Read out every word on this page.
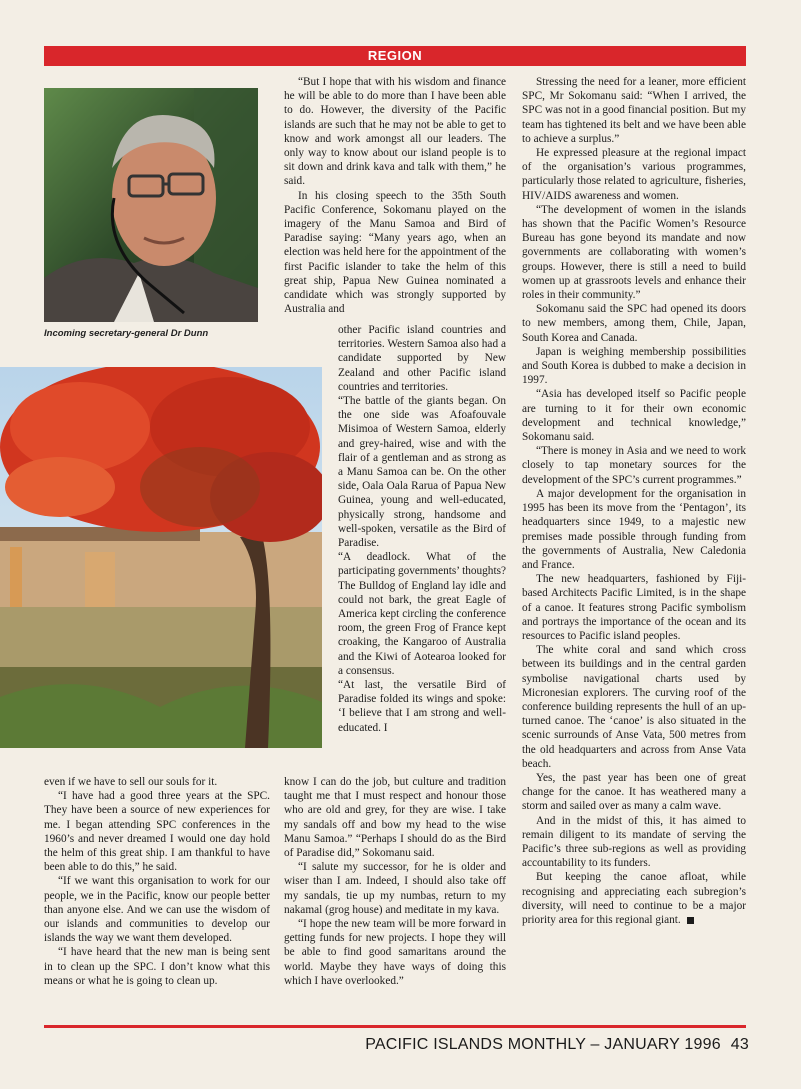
REGION
Incoming secretary-general Dr Dunn

even if we have to sell our souls for it.

“I have had a good three years at the SPC. They have been a source of new experiences for me. I began attending SPC conferences in the 1960’s and never dreamed I would one day hold the helm of this great ship. I am thankful to have been able to do this,” he said.

“If we want this organisation to work for our people, we in the Pacific, know our people better than anyone else. And we can use the wisdom of our islands and communities to develop our islands the way we want them developed.

“I have heard that the new man is being sent in to clean up the SPC. I don’t know what this means or what he is going to clean up.

“But I hope that with his wisdom and finance he will be able to do more than I have been able to do. However, the diversity of the Pacific islands are such that he may not be able to get to know and work amongst all our leaders. The only way to know about our island people is to sit down and drink kava and talk with them,” he said.

In his closing speech to the 35th South Pacific Conference, Sokomanu played on the imagery of the Manu Samoa and Bird of Paradise saying: “Many years ago, when an election was held here for the appointment of the first Pacific islander to take the helm of this great ship, Papua New Guinea nominated a candidate which was strongly supported by Australia and

other Pacific island countries and territories. Western Samoa also had a candidate supported by New Zealand and other Pacific island countries and territories.

“The battle of the giants began. On the one side was Afoafouvale Misimoa of Western Samoa, elderly and grey-haired, wise and with the flair of a gentleman and as strong as a Manu Samoa can be. On the other side, Oala Oala Rarua of Papua New Guinea, young and well-educated, physically strong, handsome and well-spoken, versatile as the Bird of Paradise.

“A deadlock. What of the participating governments’ thoughts? The Bulldog of England lay idle and could not bark, the great Eagle of America kept circling the conference room, the green Frog of France kept croaking, the Kangaroo of Australia and the Kiwi of Aotearoa looked for a consensus.

“At last, the versatile Bird of Paradise folded its wings and spoke: ‘I believe that I am strong and well-educated. I

know I can do the job, but culture and tradition taught me that I must respect and honour those who are old and grey, for they are wise. I take my sandals off and bow my head to the wise Manu Samoa.” “Perhaps I should do as the Bird of Paradise did,” Sokomanu said.

“I salute my successor, for he is older and wiser than I am. Indeed, I should also take off my sandals, tie up my numbas, return to my nakamal (grog house) and meditate in my kava.

“I hope the new team will be more forward in getting funds for new projects. I hope they will be able to find good samaritans around the world. Maybe they have ways of doing this which I have overlooked.”

Stressing the need for a leaner, more efficient SPC, Mr Sokomanu said: “When I arrived, the SPC was not in a good financial position. But my team has tightened its belt and we have been able to achieve a surplus.”

He expressed pleasure at the regional impact of the organisation’s various programmes, particularly those related to agriculture, fisheries, HIV/AIDS awareness and women.

“The development of women in the islands has shown that the Pacific Women’s Resource Bureau has gone beyond its mandate and now governments are collaborating with women’s groups. However, there is still a need to build women up at grassroots levels and enhance their roles in their community.”

Sokomanu said the SPC had opened its doors to new members, among them, Chile, Japan, South Korea and Canada.

Japan is weighing membership possibilities and South Korea is dubbed to make a decision in 1997.

“Asia has developed itself so Pacific people are turning to it for their own economic development and technical knowledge,” Sokomanu said.

“There is money in Asia and we need to work closely to tap monetary sources for the development of the SPC’s current programmes.”

A major development for the organisation in 1995 has been its move from the ‘Pentagon’, its headquarters since 1949, to a majestic new premises made possible through funding from the governments of Australia, New Caledonia and France.

The new headquarters, fashioned by Fiji-based Architects Pacific Limited, is in the shape of a canoe. It features strong Pacific symbolism and portrays the importance of the ocean and its resources to Pacific island peoples.

The white coral and sand which cross between its buildings and in the central garden symbolise navigational charts used by Micronesian explorers. The curving roof of the conference building represents the hull of an up-turned canoe. The ‘canoe’ is also situated in the scenic surrounds of Anse Vata, 500 metres from the old headquarters and across from Anse Vata beach.

Yes, the past year has been one of great change for the canoe. It has weathered many a storm and sailed over as many a calm wave.

And in the midst of this, it has aimed to remain diligent to its mandate of serving the Pacific’s three sub-regions as well as providing accountability to its funders.

But keeping the canoe afloat, while recognising and appreciating each subregion’s diversity, will need to continue to be a major priority area for this regional giant.

PACIFIC ISLANDS MONTHLY – JANUARY 1996 43
